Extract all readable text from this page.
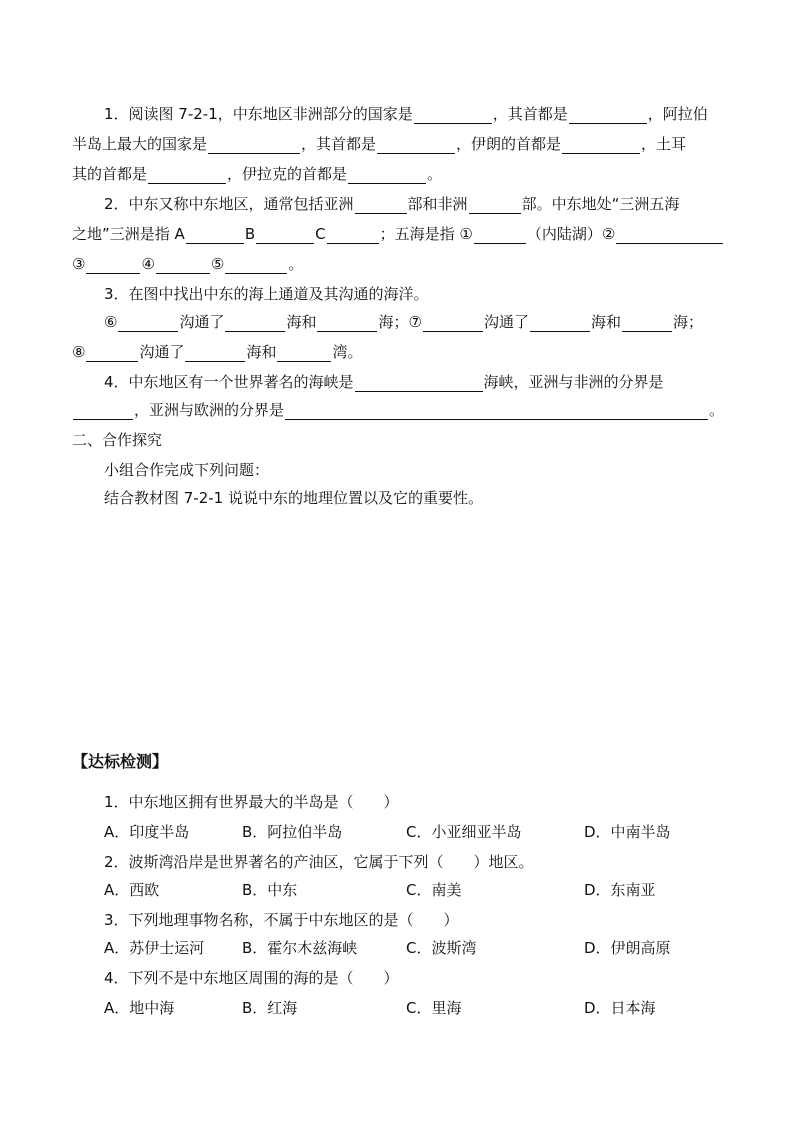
1．阅读图 7-2-1，中东地区非洲部分的国家是	，其首都是	，阿拉伯
半岛上最大的国家是	，其首都是	，伊朗的首都是	，土耳
其的首都是	，伊拉克的首都是	。
2．中东又称中东地区，通常包括亚洲	部和非洲	部。中东地处“三洲五海
之地”三洲是指 A	B	C	；五海是指 ①	（内陆湖）②
③	④	⑤	。
3．在图中找出中东的海上通道及其沟通的海洋。
⑥	沟通了	海和	海；⑦	沟通了	海和	海；
⑧	沟通了	海和	湾。
4．中东地区有一个世界著名的海峡是	海峡，亚洲与非洲的分界是
，亚洲与欧洲的分界是	。
二、合作探究
小组合作完成下列问题：
结合教材图 7-2-1 说说中东的地理位置以及它的重要性。
【达标检测】
1．中东地区拥有世界最大的半岛是（　　）
A．印度半岛	B．阿拉伯半岛	C．小亚细亚半岛	D．中南半岛
2．波斯湾沿岸是世界著名的产油区，它属于下列（　　）地区。
A．西欧	B．中东	C．南美	D．东南亚
3．下列地理事物名称，不属于中东地区的是（　　）
A．苏伊士运河	B．霍尔木兹海峡	C．波斯湾	D．伊朗高原
4．下列不是中东地区周围的海的是（　　）
A．地中海	B．红海	C．里海	D．日本海
